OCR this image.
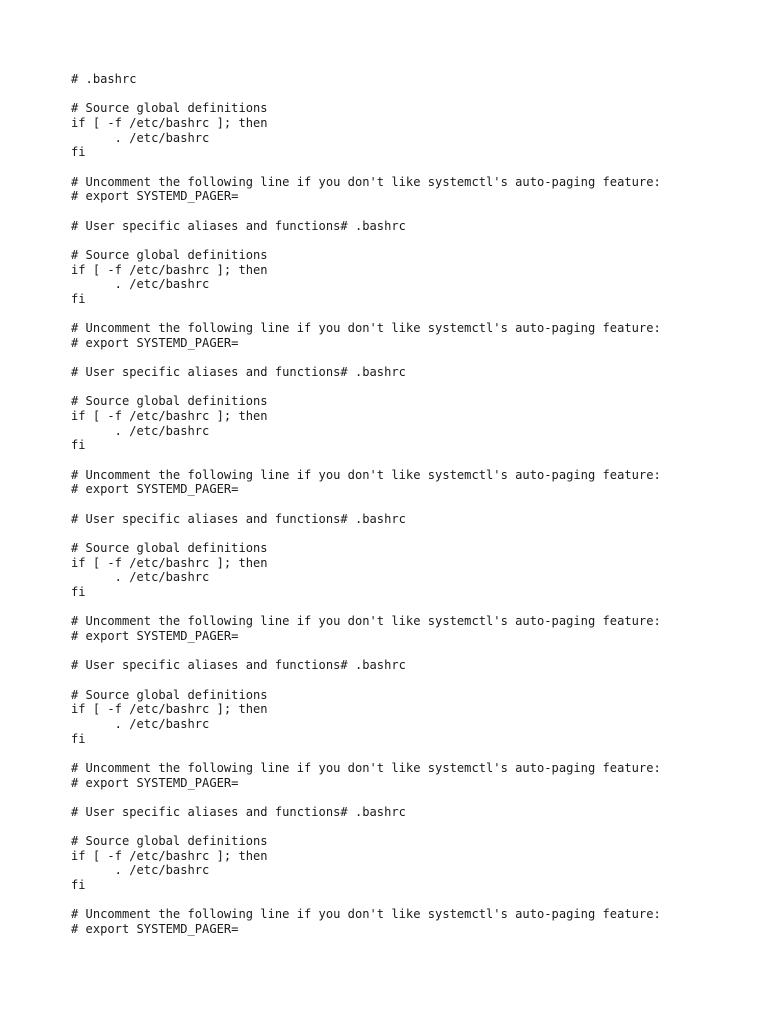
# .bashrc
# Source global definitions
if [ -f /etc/bashrc ]; then
. /etc/bashrc
fi
# Uncomment the following line if you don't like systemctl's auto-paging feature:
# export SYSTEMD_PAGER=
# User specific aliases and functions# .bashrc
# Source global definitions
if [ -f /etc/bashrc ]; then
. /etc/bashrc
fi
# Uncomment the following line if you don't like systemctl's auto-paging feature:
# export SYSTEMD_PAGER=
# User specific aliases and functions# .bashrc
# Source global definitions
if [ -f /etc/bashrc ]; then
. /etc/bashrc
fi
# Uncomment the following line if you don't like systemctl's auto-paging feature:
# export SYSTEMD_PAGER=
# User specific aliases and functions# .bashrc
# Source global definitions
if [ -f /etc/bashrc ]; then
. /etc/bashrc
fi
# Uncomment the following line if you don't like systemctl's auto-paging feature:
# export SYSTEMD_PAGER=
# User specific aliases and functions# .bashrc
# Source global definitions
if [ -f /etc/bashrc ]; then
. /etc/bashrc
fi
# Uncomment the following line if you don't like systemctl's auto-paging feature:
# export SYSTEMD_PAGER=
# User specific aliases and functions# .bashrc
# Source global definitions
if [ -f /etc/bashrc ]; then
. /etc/bashrc
fi
# Uncomment the following line if you don't like systemctl's auto-paging feature:
# export SYSTEMD_PAGER=
